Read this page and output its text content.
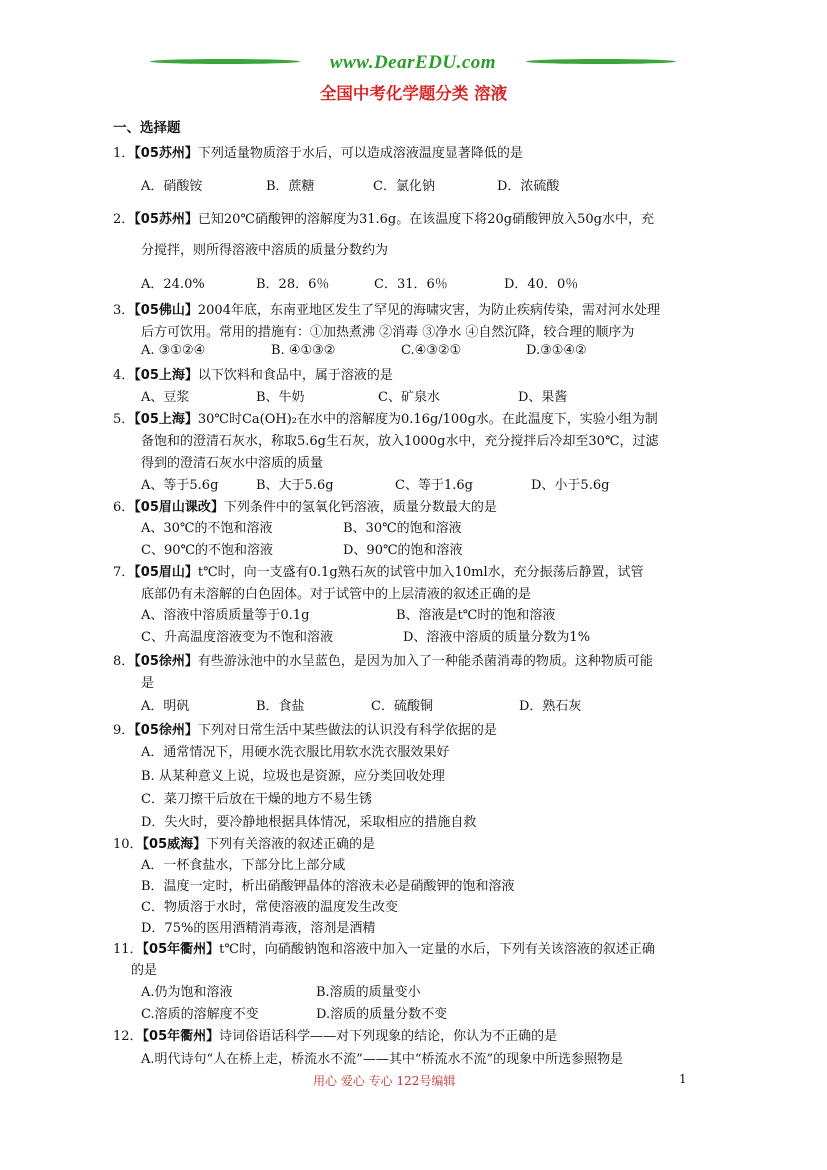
www.DearEDU.com
全国中考化学题分类 溶液
一、选择题
1．【05苏州】下列适量物质溶于水后，可以造成溶液温度显著降低的是
A．硝酸铵	B．蔗糖	C．氯化钠	D．浓硫酸
2．【05苏州】已知20℃硝酸钾的溶解度为31.6g。在该温度下将20g硝酸钾放入50g水中，充
分搅拌，则所得溶液中溶质的质量分数约为
A．24.0%	B．28．6％	C．31．6％	D．40．0％
3．【05佛山】2004年底，东南亚地区发生了罕见的海啸灾害，为防止疾病传染，需对河水处理
后方可饮用。常用的措施有：①加热煮沸 ②消毒 ③净水 ④自然沉降，较合理的顺序为
A. ③①②④	B. ④①③②	C.④③②①	D.③①④②
4．【05上海】以下饮料和食品中，属于溶液的是
A、豆浆	B、牛奶	C、矿泉水	D、果酱
5．【05上海】30℃时Ca(OH)₂在水中的溶解度为0.16g/100g水。在此温度下，实验小组为制
备饱和的澄清石灰水，称取5.6g生石灰，放入1000g水中，充分搅拌后冷却至30℃，过滤
得到的澄清石灰水中溶质的质量
A、等于5.6g	B、大于5.6g	C、等于1.6g	D、小于5.6g
6．【05眉山课改】下列条件中的氢氧化钙溶液，质量分数最大的是
A、30℃的不饱和溶液	B、30℃的饱和溶液
C、90℃的不饱和溶液	D、90℃的饱和溶液
7．【05眉山】t℃时，向一支盛有0.1g熟石灰的试管中加入10ml水，充分振荡后静置，试管
底部仍有未溶解的白色固体。对于试管中的上层清液的叙述正确的是
A、溶液中溶质质量等于0.1g	B、溶液是t℃时的饱和溶液
C、升高温度溶液变为不饱和溶液	D、溶液中溶质的质量分数为1%
8．【05徐州】有些游泳池中的水呈蓝色，是因为加入了一种能杀菌消毒的物质。这种物质可能
是
A．明矾	B．食盐	C．硫酸铜	D．熟石灰
9．【05徐州】下列对日常生活中某些做法的认识没有科学依据的是
A．通常情况下，用硬水洗衣服比用软水洗衣服效果好
B. 从某种意义上说，垃圾也是资源，应分类回收处理
C．菜刀擦干后放在干燥的地方不易生锈
D．失火时，要冷静地根据具体情况，采取相应的措施自救
10．【05威海】下列有关溶液的叙述正确的是
A．一杯食盐水，下部分比上部分咸
B．温度一定时，析出硝酸钾晶体的溶液未必是硝酸钾的饱和溶液
C．物质溶于水时，常使溶液的温度发生改变
D．75%的医用酒精消毒液，溶剂是酒精
11．【05年衢州】t℃时，向硝酸钠饱和溶液中加入一定量的水后，下列有关该溶液的叙述正确
的是
A.仍为饱和溶液	B.溶质的质量变小
C.溶质的溶解度不变	D.溶质的质量分数不变
12．【05年衢州】诗词俗语话科学——对下列现象的结论，你认为不正确的是
A.明代诗句“人在桥上走，桥流水不流”——其中“桥流水不流”的现象中所选参照物是
用心 爱心 专心 122号编辑	1
